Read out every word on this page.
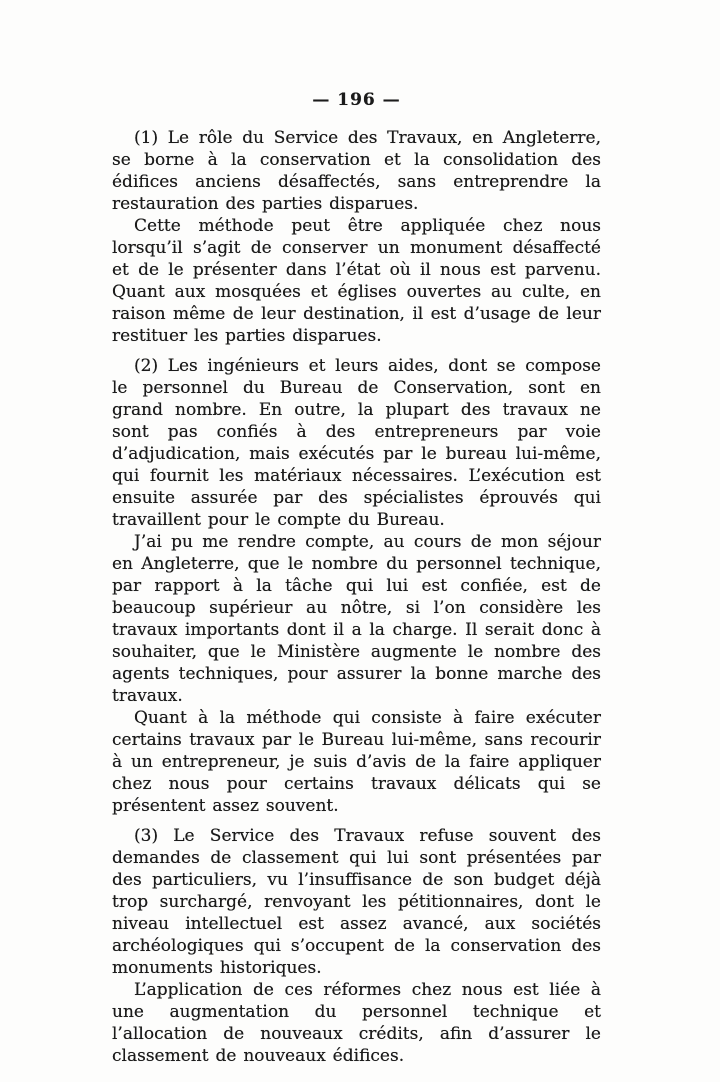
— 196 —

(1) Le rôle du Service des Travaux, en Angleterre, se borne à la conservation et la consolidation des édifices anciens désaffectés, sans entreprendre la restauration des parties disparues.

Cette méthode peut être appliquée chez nous lorsqu’il s’agit de conserver un monument désaffecté et de le présenter dans l’état où il nous est parvenu. Quant aux mosquées et églises ouvertes au culte, en raison même de leur destination, il est d’usage de leur restituer les parties disparues.

(2) Les ingénieurs et leurs aides, dont se compose le personnel du Bureau de Conservation, sont en grand nombre. En outre, la plupart des travaux ne sont pas confiés à des entrepreneurs par voie d’adjudication, mais exécutés par le bureau lui-même, qui fournit les matériaux nécessaires. L’exécution est ensuite assurée par des spécialistes éprouvés qui travaillent pour le compte du Bureau.

J’ai pu me rendre compte, au cours de mon séjour en Angleterre, que le nombre du personnel technique, par rapport à la tâche qui lui est confiée, est de beaucoup supérieur au nôtre, si l’on considère les travaux importants dont il a la charge. Il serait donc à souhaiter, que le Ministère augmente le nombre des agents techniques, pour assurer la bonne marche des travaux.

Quant à la méthode qui consiste à faire exécuter certains travaux par le Bureau lui-même, sans recourir à un entrepreneur, je suis d’avis de la faire appliquer chez nous pour certains travaux délicats qui se présentent assez souvent.

(3) Le Service des Travaux refuse souvent des demandes de classement qui lui sont présentées par des particuliers, vu l’insuffisance de son budget déjà trop surchargé, renvoyant les pétitionnaires, dont le niveau intellectuel est assez avancé, aux sociétés archéologiques qui s’occupent de la conservation des monuments historiques.

L’application de ces réformes chez nous est liée à une augmentation du personnel technique et l’allocation de nouveaux crédits, afin d’assurer le classement de nouveaux édifices.
